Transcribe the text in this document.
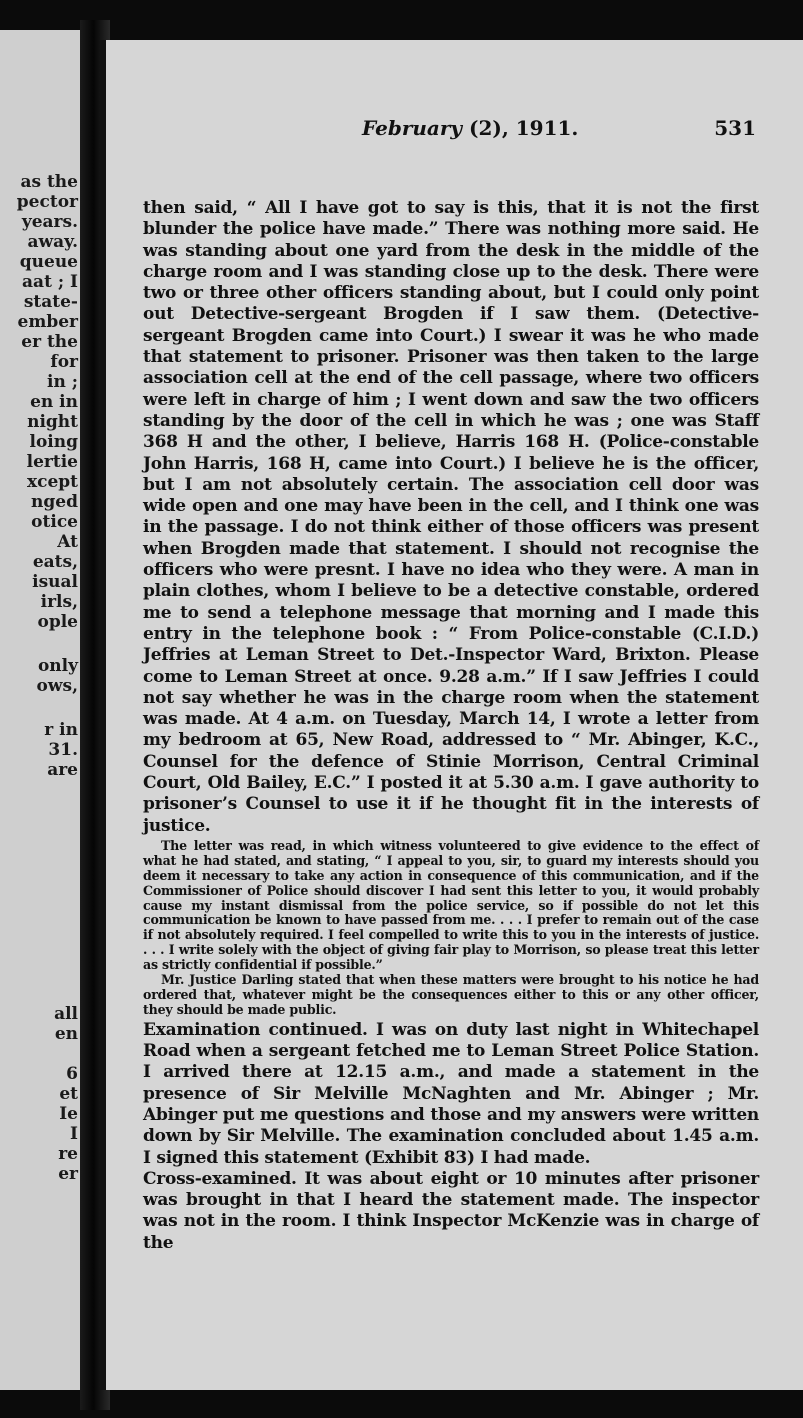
as the
pector
years.
away.
queue
aat ; I
state-
ember
er the
for
in ;
en in
night
loing
lertie
xcept
nged
otice
At
eats,
isual
irls,
ople
only
ows,
r in
31.
are
all
en
6
et
Ie
I
re
er
February (2), 1911.	531

then said, “ All I have got to say is this, that it is not the first blunder the police have made.” There was nothing more said. He was standing about one yard from the desk in the middle of the charge room and I was standing close up to the desk. There were two or three other officers standing about, but I could only point out Detective-sergeant Brogden if I saw them. (Detective-sergeant Brogden came into Court.) I swear it was he who made that statement to prisoner. Prisoner was then taken to the large association cell at the end of the cell passage, where two officers were left in charge of him ; I went down and saw the two officers standing by the door of the cell in which he was ; one was Staff 368 H and the other, I believe, Harris 168 H. (Police-constable John Harris, 168 H, came into Court.) I believe he is the officer, but I am not absolutely certain. The association cell door was wide open and one may have been in the cell, and I think one was in the passage. I do not think either of those officers was present when Brogden made that statement. I should not recognise the officers who were presnt. I have no idea who they were. A man in plain clothes, whom I believe to be a detective constable, ordered me to send a telephone message that morning and I made this entry in the telephone book : “ From Police-constable (C.I.D.) Jeffries at Leman Street to Det.-Inspector Ward, Brixton. Please come to Leman Street at once. 9.28 a.m.” If I saw Jeffries I could not say whether he was in the charge room when the statement was made. At 4 a.m. on Tuesday, March 14, I wrote a letter from my bedroom at 65, New Road, addressed to “ Mr. Abinger, K.C., Counsel for the defence of Stinie Morrison, Central Criminal Court, Old Bailey, E.C.” I posted it at 5.30 a.m. I gave authority to prisoner’s Counsel to use it if he thought fit in the interests of justice.

The letter was read, in which witness volunteered to give evidence to the effect of what he had stated, and stating, “ I appeal to you, sir, to guard my interests should you deem it necessary to take any action in consequence of this communication, and if the Commissioner of Police should discover I had sent this letter to you, it would probably cause my instant dismissal from the police service, so if possible do not let this communication be known to have passed from me. . . . I prefer to remain out of the case if not absolutely required. I feel compelled to write this to you in the interests of justice. . . . I write solely with the object of giving fair play to Morrison, so please treat this letter as strictly confidential if possible.”

Mr. Justice Darling stated that when these matters were brought to his notice he had ordered that, whatever might be the consequences either to this or any other officer, they should be made public.

Examination continued. I was on duty last night in Whitechapel Road when a sergeant fetched me to Leman Street Police Station. I arrived there at 12.15 a.m., and made a statement in the presence of Sir Melville McNaghten and Mr. Abinger ; Mr. Abinger put me questions and those and my answers were written down by Sir Melville. The examination concluded about 1.45 a.m. I signed this statement (Exhibit 83) I had made.

Cross-examined. It was about eight or 10 minutes after prisoner was brought in that I heard the statement made. The inspector was not in the room. I think Inspector McKenzie was in charge of the
